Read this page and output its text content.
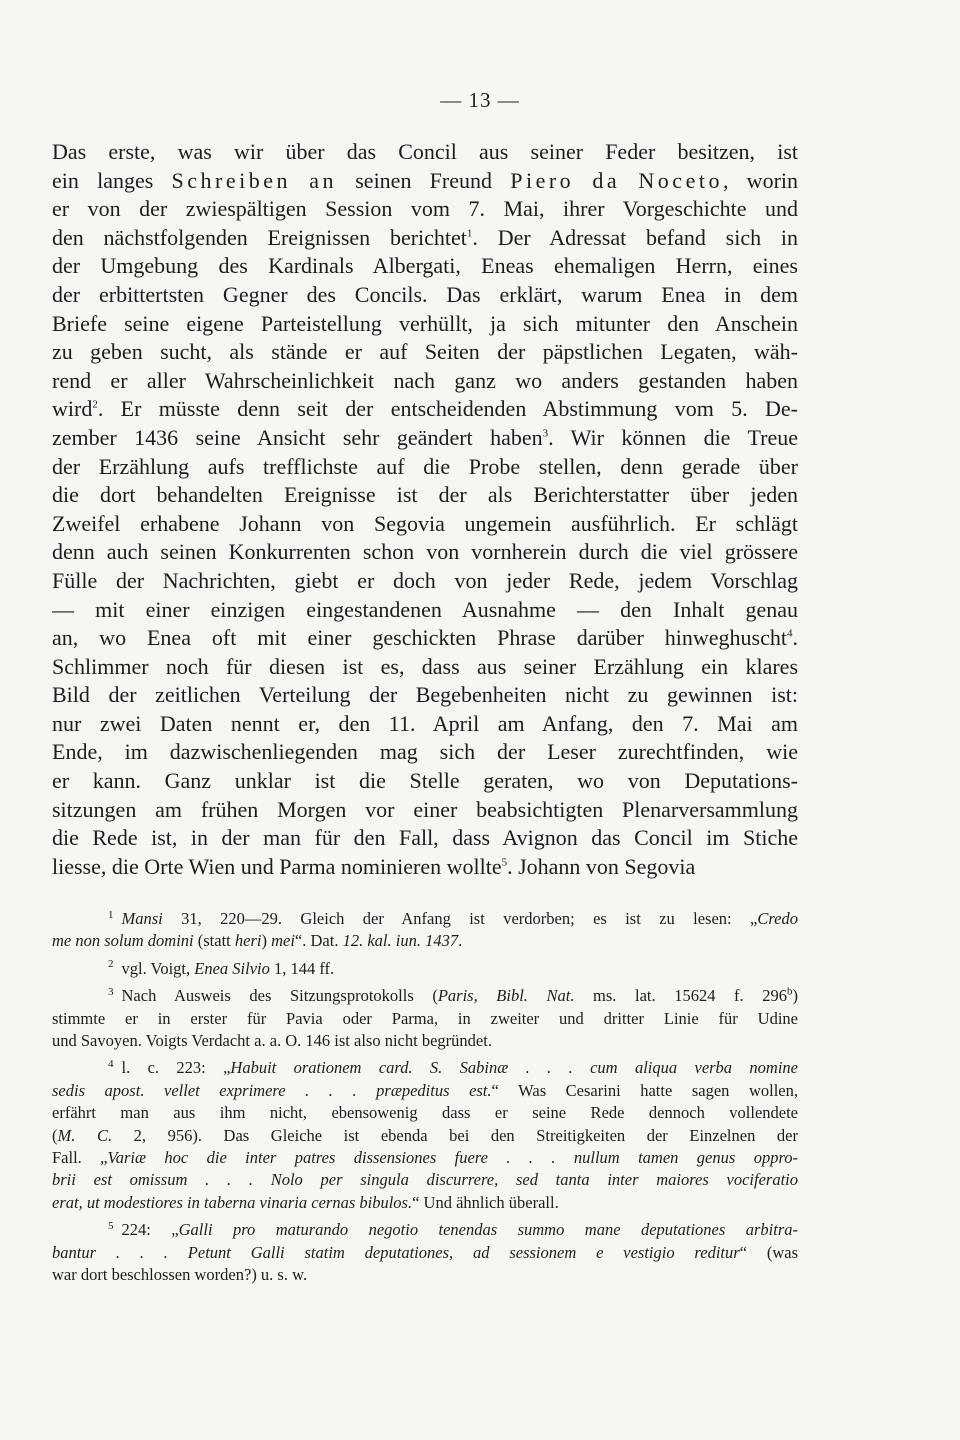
— 13 —
Das erste, was wir über das Concil aus seiner Feder besitzen, ist
ein langes Schreiben an seinen Freund Piero da Noceto, worin
er von der zwiespältigen Session vom 7. Mai, ihrer Vorgeschichte und
den nächstfolgenden Ereignissen berichtet$^1$. Der Adressat befand sich in
der Umgebung des Kardinals Albergati, Eneas ehemaligen Herrn, eines
der erbittertsten Gegner des Concils. Das erklärt, warum Enea in dem
Briefe seine eigene Parteistellung verhüllt, ja sich mitunter den Anschein
zu geben sucht, als stände er auf Seiten der päpstlichen Legaten, wäh-
rend er aller Wahrscheinlichkeit nach ganz wo anders gestanden haben
wird$^2$. Er müsste denn seit der entscheidenden Abstimmung vom 5. De-
zember 1436 seine Ansicht sehr geändert haben$^3$. Wir können die Treue
der Erzählung aufs trefflichste auf die Probe stellen, denn gerade über
die dort behandelten Ereignisse ist der als Berichterstatter über jeden
Zweifel erhabene Johann von Segovia ungemein ausführlich. Er schlägt
denn auch seinen Konkurrenten schon von vornherein durch die viel grössere
Fülle der Nachrichten, giebt er doch von jeder Rede, jedem Vorschlag
— mit einer einzigen eingestandenen Ausnahme — den Inhalt genau
an, wo Enea oft mit einer geschickten Phrase darüber hinweghuscht$^4$.
Schlimmer noch für diesen ist es, dass aus seiner Erzählung ein klares
Bild der zeitlichen Verteilung der Begebenheiten nicht zu gewinnen ist:
nur zwei Daten nennt er, den 11. April am Anfang, den 7. Mai am
Ende, im dazwischenliegenden mag sich der Leser zurechtfinden, wie
er kann. Ganz unklar ist die Stelle geraten, wo von Deputations-
sitzungen am frühen Morgen vor einer beabsichtigten Plenarversammlung
die Rede ist, in der man für den Fall, dass Avignon das Concil im Stiche
liesse, die Orte Wien und Parma nominieren wollte$^5$. Johann von Segovia
$^1$ Mansi 31, 220—29. Gleich der Anfang ist verdorben; es ist zu lesen: „Credo
me non solum domini (statt heri) mei“. Dat. 12. kal. iun. 1437.
$^2$ vgl. Voigt, Enea Silvio 1, 144 ff.
$^3$ Nach Ausweis des Sitzungsprotokolls (Paris, Bibl. Nat. ms. lat. 15624 f. 296$^b$)
stimmte er in erster für Pavia oder Parma, in zweiter und dritter Linie für Udine
und Savoyen. Voigts Verdacht a. a. O. 146 ist also nicht begründet.
$^4$ l. c. 223: „Habuit orationem card. S. Sabinæ . . . cum aliqua verba nomine
sedis apost. vellet exprimere . . . præpeditus est.“ Was Cesarini hatte sagen wollen,
erfährt man aus ihm nicht, ebensowenig dass er seine Rede dennoch vollendete
(M. C. 2, 956). Das Gleiche ist ebenda bei den Streitigkeiten der Einzelnen der
Fall. „Variæ hoc die inter patres dissensiones fuere . . . nullum tamen genus oppro-
brii est omissum . . . Nolo per singula discurrere, sed tanta inter maiores vociferatio
erat, ut modestiores in taberna vinaria cernas bibulos.“ Und ähnlich überall.
$^5$ 224: „Galli pro maturando negotio tenendas summo mane deputationes arbitra-
bantur . . . Petunt Galli statim deputationes, ad sessionem e vestigio reditur“ (was
war dort beschlossen worden?) u. s. w.
